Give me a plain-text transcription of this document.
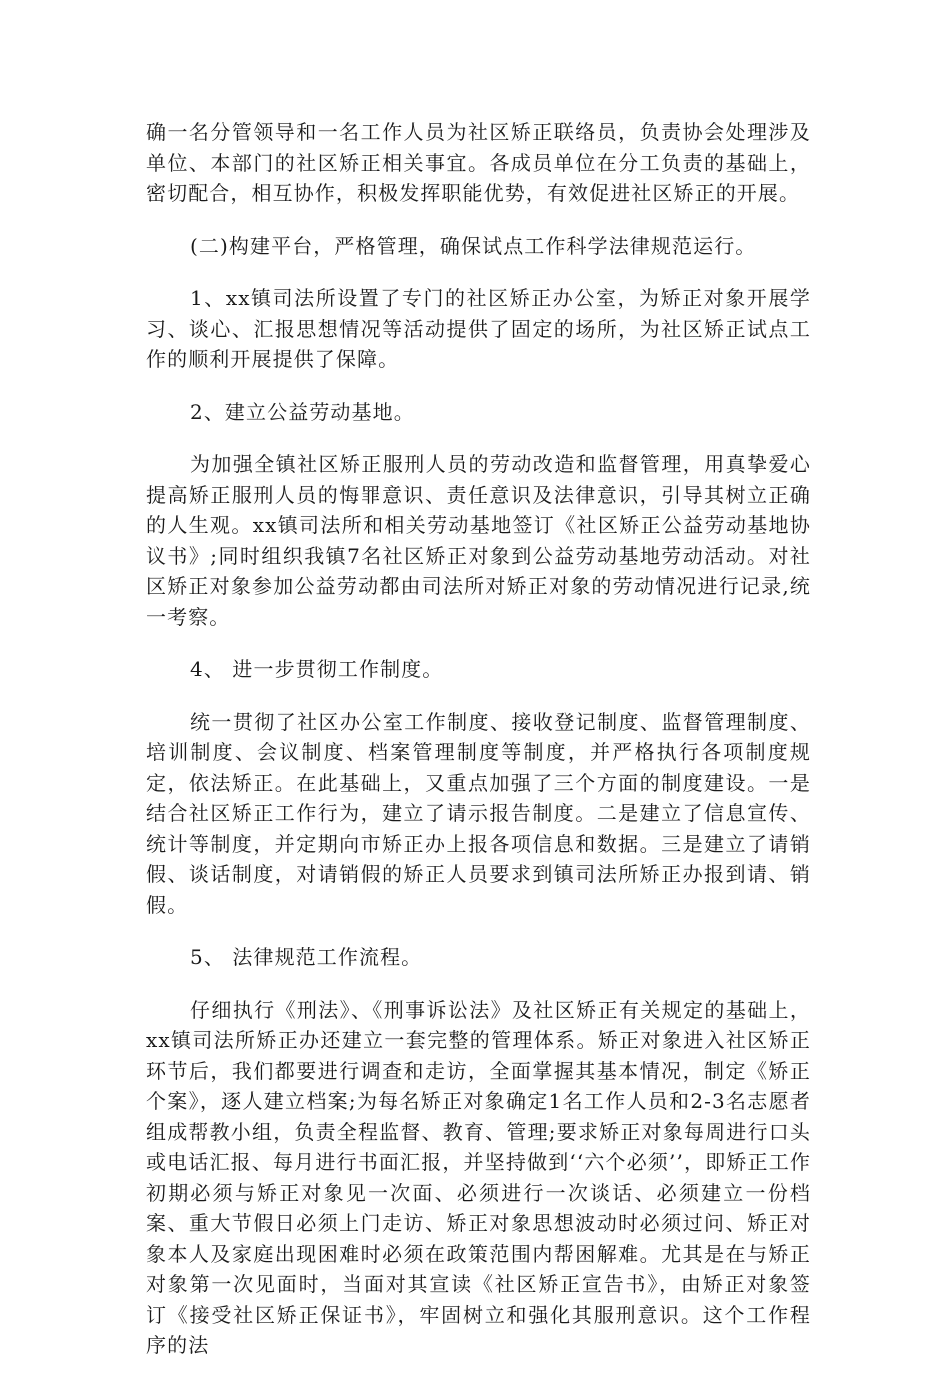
确一名分管领导和一名工作人员为社区矫正联络员，负责协会处理涉及单位、本部门的社区矫正相关事宜。各成员单位在分工负责的基础上，密切配合，相互协作，积极发挥职能优势，有效促进社区矫正的开展。

(二)构建平台，严格管理，确保试点工作科学法律规范运行。

1、xx镇司法所设置了专门的社区矫正办公室，为矫正对象开展学习、谈心、汇报思想情况等活动提供了固定的场所，为社区矫正试点工作的顺利开展提供了保障。

2、建立公益劳动基地。

为加强全镇社区矫正服刑人员的劳动改造和监督管理，用真挚爱心提高矫正服刑人员的悔罪意识、责任意识及法律意识，引导其树立正确的人生观。xx镇司法所和相关劳动基地签订《社区矫正公益劳动基地协议书》;同时组织我镇7名社区矫正对象到公益劳动基地劳动活动。对社区矫正对象参加公益劳动都由司法所对矫正对象的劳动情况进行记录,统一考察。

4、 进一步贯彻工作制度。

统一贯彻了社区办公室工作制度、接收登记制度、监督管理制度、培训制度、会议制度、档案管理制度等制度，并严格执行各项制度规定，依法矫正。在此基础上，又重点加强了三个方面的制度建设。一是结合社区矫正工作行为，建立了请示报告制度。二是建立了信息宣传、统计等制度，并定期向市矫正办上报各项信息和数据。三是建立了请销假、谈话制度，对请销假的矫正人员要求到镇司法所矫正办报到请、销假。

5、 法律规范工作流程。

仔细执行《刑法》、《刑事诉讼法》及社区矫正有关规定的基础上，xx镇司法所矫正办还建立一套完整的管理体系。矫正对象进入社区矫正环节后，我们都要进行调查和走访，全面掌握其基本情况，制定《矫正个案》，逐人建立档案;为每名矫正对象确定1名工作人员和2-3名志愿者组成帮教小组，负责全程监督、教育、管理;要求矫正对象每周进行口头或电话汇报、每月进行书面汇报，并坚持做到‘‘六个必须’’，即矫正工作初期必须与矫正对象见一次面、必须进行一次谈话、必须建立一份档案、重大节假日必须上门走访、矫正对象思想波动时必须过问、矫正对象本人及家庭出现困难时必须在政策范围内帮困解难。尤其是在与矫正对象第一次见面时，当面对其宣读《社区矫正宣告书》，由矫正对象签订《接受社区矫正保证书》，牢固树立和强化其服刑意识。这个工作程序的法
